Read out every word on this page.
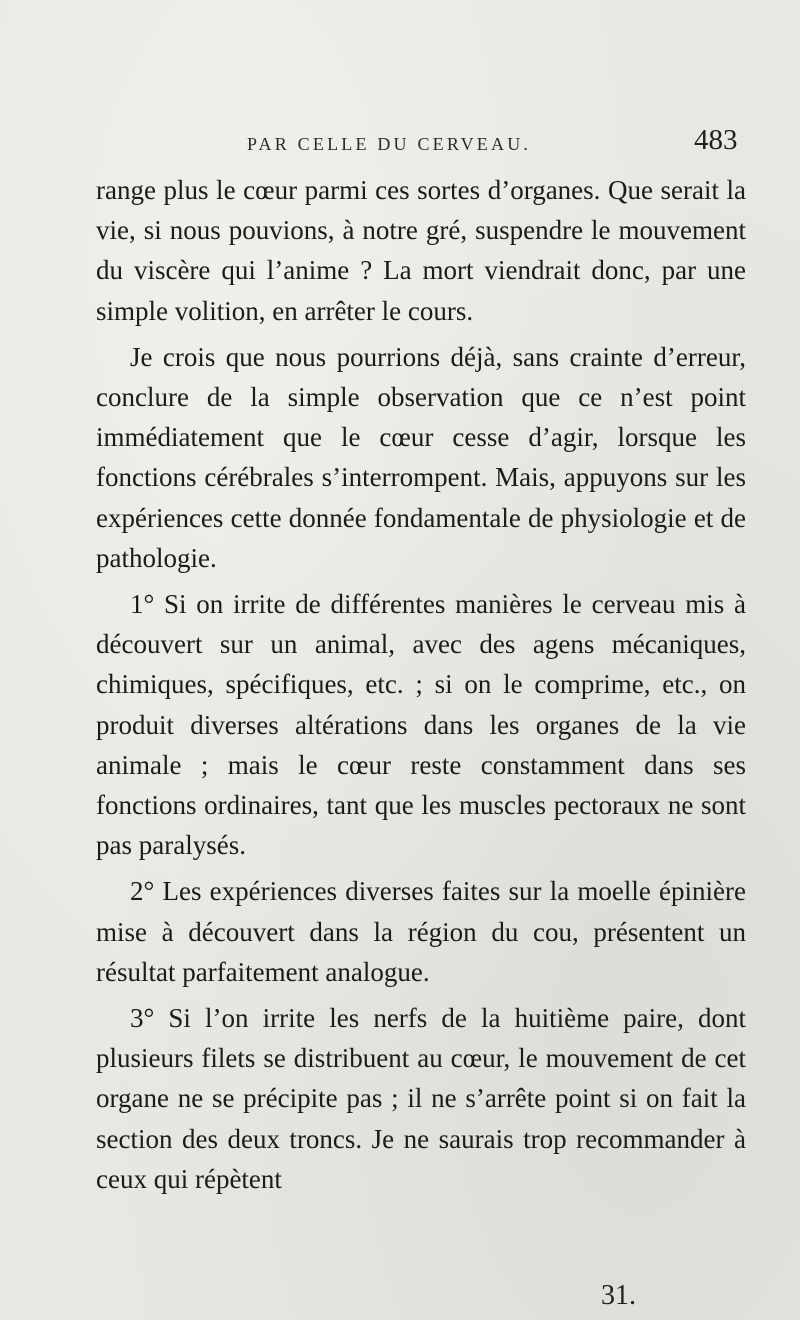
PAR CELLE DU CERVEAU.	483

range plus le cœur parmi ces sortes d’organes. Que serait la vie, si nous pouvions, à notre gré, suspendre le mouvement du viscère qui l’anime ? La mort viendrait donc, par une simple volition, en arrêter le cours.

Je crois que nous pourrions déjà, sans crainte d’erreur, conclure de la simple observation que ce n’est point immédiatement que le cœur cesse d’agir, lorsque les fonctions cérébrales s’interrompent. Mais, appuyons sur les expériences cette donnée fondamentale de physiologie et de pathologie.

1° Si on irrite de différentes manières le cerveau mis à découvert sur un animal, avec des agens mécaniques, chimiques, spécifiques, etc. ; si on le comprime, etc., on produit diverses altérations dans les organes de la vie animale ; mais le cœur reste constamment dans ses fonctions ordinaires, tant que les muscles pectoraux ne sont pas paralysés.

2° Les expériences diverses faites sur la moelle épinière mise à découvert dans la région du cou, présentent un résultat parfaitement analogue.

3° Si l’on irrite les nerfs de la huitième paire, dont plusieurs filets se distribuent au cœur, le mouvement de cet organe ne se précipite pas ; il ne s’arrête point si on fait la section des deux troncs. Je ne saurais trop recommander à ceux qui répètent

31.
